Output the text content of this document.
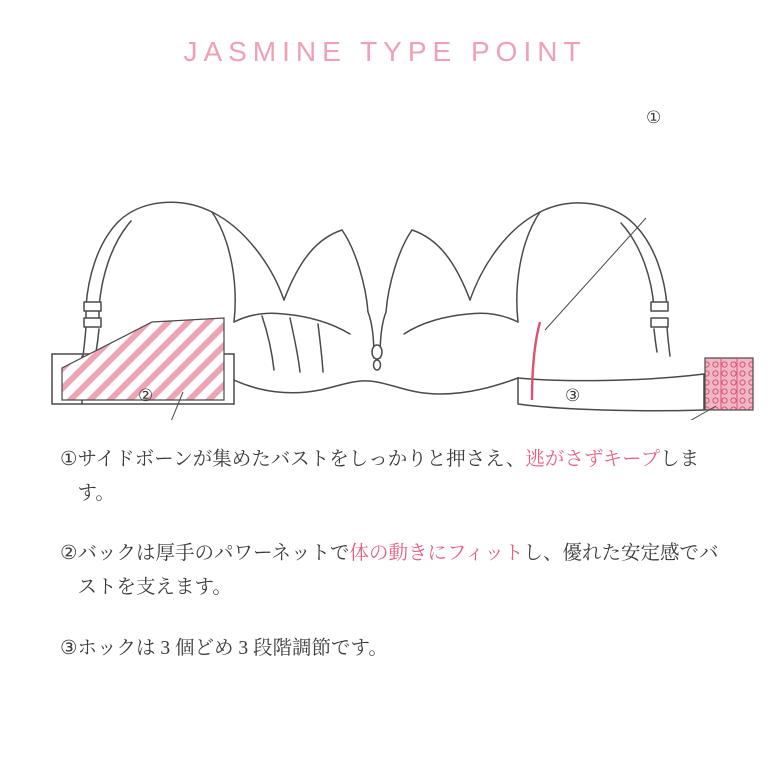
JASMINE TYPE POINT
①
②	③
① サイドボーンが集めたバストをしっかりと押さえ、逃がさずキープします。
② バックは厚手のパワーネットで体の動きにフィットし、優れた安定感でバストを支えます。
③ ホックは 3 個どめ 3 段階調節です。
